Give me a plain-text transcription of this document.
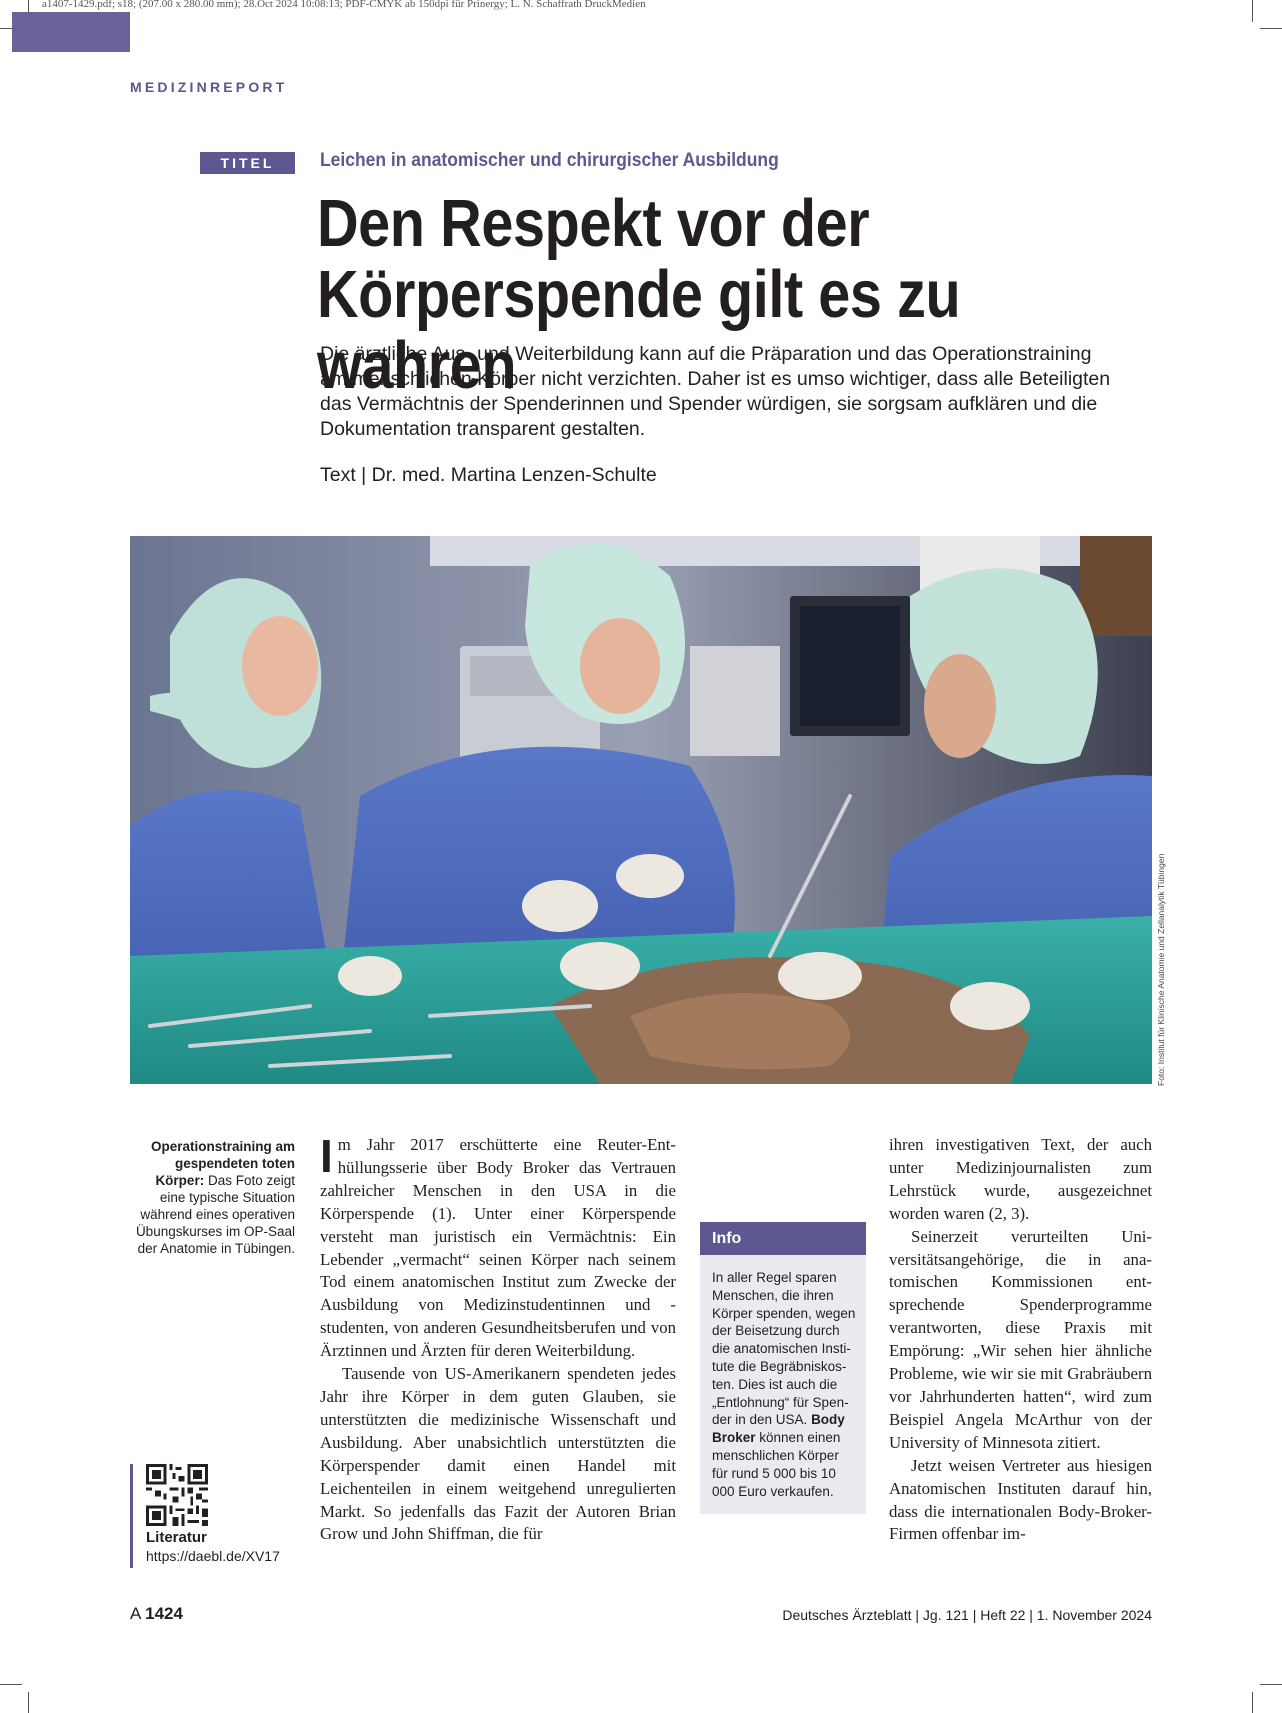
a1407-1429.pdf; s18; (207.00 x 280.00 mm); 28.Oct 2024 10:08:13; PDF-CMYK ab 150dpi für Prinergy; L. N. Schaffrath DruckMedien
MEDIZINREPORT
TITEL	Leichen in anatomischer und chirurgischer Ausbildung
Den Respekt vor der
Körperspende gilt es zu wahren

Die ärztliche Aus- und Weiterbildung kann auf die Präparation und das Operationstraining am menschlichen Körper nicht verzichten. Daher ist es umso wichtiger, dass alle Beteiligten das Vermächtnis der Spenderinnen und Spender würdigen, sie sorgsam aufklären und die Dokumentation transparent gestalten.

Text | Dr. med. Martina Lenzen-Schulte
Foto: Institut für Klinische Anatomie und Zellanalytik Tübingen

Operationstraining am gespendeten toten Körper: Das Foto zeigt eine typische Situation während eines operativen Übungskurses im OP-Saal der Anatomie in Tübingen.

Im Jahr 2017 erschütterte eine Reuter-Enthüllungsserie über Body Broker das Vertrauen zahlreicher Menschen in den USA in die Körperspende (1). Unter einer Körperspende versteht man juristisch ein Vermächtnis: Ein Lebender „vermacht“ seinen Körper nach seinem Tod einem anatomischen Institut zum Zwecke der Ausbildung von Medizinstudentinnen und -studenten, von anderen Gesundheitsberufen und von Ärztinnen und Ärzten für deren Weiterbildung.

Tausende von US-Amerikanern spendeten jedes Jahr ihre Körper in dem guten Glauben, sie unterstützten die medizinische Wissenschaft und Ausbildung. Aber unabsichtlich unterstützten die Körperspender damit einen Handel mit Leichenteilen in einem weitgehend unregulierten Markt. So jedenfalls das Fazit der Autoren Brian Grow und John Shiffman, die für

Info

In aller Regel sparen Menschen, die ihren Körper spenden, wegen der Beisetzung durch die anatomischen Institute die Begräbniskosten. Dies ist auch die „Entlohnung“ für Spender in den USA. Body Broker können einen menschlichen Körper für rund 5 000 bis 10 000 Euro verkaufen.

ihren investigativen Text, der auch unter Medizinjournalisten zum Lehrstück wurde, ausgezeichnet worden waren (2, 3).

Seinerzeit verurteilten Universitätsangehörige, die in anatomischen Kommissionen entsprechende Spenderprogramme verantworten, diese Praxis mit Empörung: „Wir sehen hier ähnliche Probleme, wie wir sie mit Grabräubern vor Jahrhunderten hatten“, wird zum Beispiel Angela McArthur von der University of Minnesota zitiert.

Jetzt weisen Vertreter aus hiesigen Anatomischen Instituten darauf hin, dass die internationalen Body-Broker-Firmen offenbar im-

Literatur
https://daebl.de/XV17
A 1424	Deutsches Ärzteblatt | Jg. 121 | Heft 22 | 1. November 2024
